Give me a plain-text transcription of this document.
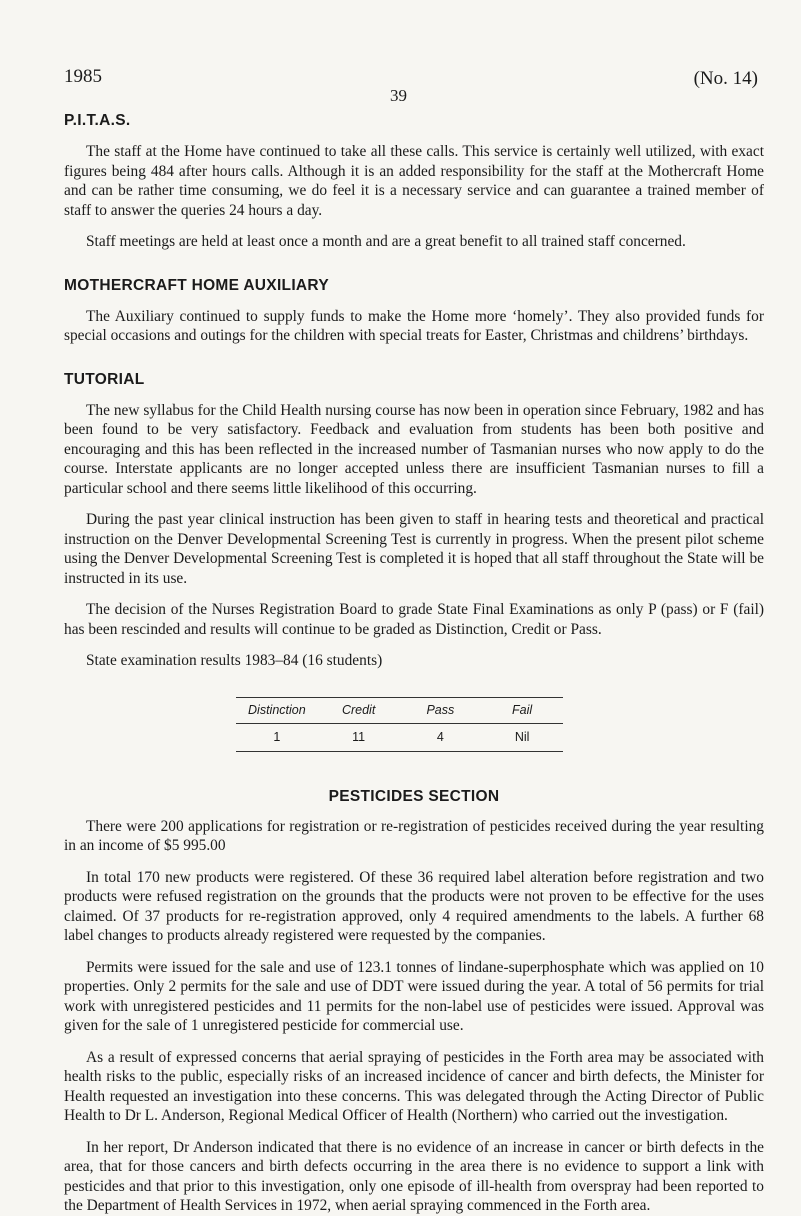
1985	(No. 14)
39
P.I.T.A.S.

The staff at the Home have continued to take all these calls. This service is certainly well utilized, with exact figures being 484 after hours calls. Although it is an added responsibility for the staff at the Mothercraft Home and can be rather time consuming, we do feel it is a necessary service and can guarantee a trained member of staff to answer the queries 24 hours a day.

Staff meetings are held at least once a month and are a great benefit to all trained staff concerned.

MOTHERCRAFT HOME AUXILIARY

The Auxiliary continued to supply funds to make the Home more ‘homely’. They also provided funds for special occasions and outings for the children with special treats for Easter, Christmas and childrens’ birthdays.

TUTORIAL

The new syllabus for the Child Health nursing course has now been in operation since February, 1982 and has been found to be very satisfactory. Feedback and evaluation from students has been both positive and encouraging and this has been reflected in the increased number of Tasmanian nurses who now apply to do the course. Interstate applicants are no longer accepted unless there are insufficient Tasmanian nurses to fill a particular school and there seems little likelihood of this occurring.

During the past year clinical instruction has been given to staff in hearing tests and theoretical and practical instruction on the Denver Developmental Screening Test is currently in progress. When the present pilot scheme using the Denver Developmental Screening Test is completed it is hoped that all staff throughout the State will be instructed in its use.

The decision of the Nurses Registration Board to grade State Final Examinations as only P (pass) or F (fail) has been rescinded and results will continue to be graded as Distinction, Credit or Pass.

State examination results 1983–84 (16 students)

Distinction	Credit	Pass	Fail
1	11	4	Nil
PESTICIDES SECTION

There were 200 applications for registration or re-registration of pesticides received during the year resulting in an income of $5 995.00

In total 170 new products were registered. Of these 36 required label alteration before registration and two products were refused registration on the grounds that the products were not proven to be effective for the uses claimed. Of 37 products for re-registration approved, only 4 required amendments to the labels. A further 68 label changes to products already registered were requested by the companies.

Permits were issued for the sale and use of 123.1 tonnes of lindane-superphosphate which was applied on 10 properties. Only 2 permits for the sale and use of DDT were issued during the year. A total of 56 permits for trial work with unregistered pesticides and 11 permits for the non-label use of pesticides were issued. Approval was given for the sale of 1 unregistered pesticide for commercial use.

As a result of expressed concerns that aerial spraying of pesticides in the Forth area may be associated with health risks to the public, especially risks of an increased incidence of cancer and birth defects, the Minister for Health requested an investigation into these concerns. This was delegated through the Acting Director of Public Health to Dr L. Anderson, Regional Medical Officer of Health (Northern) who carried out the investigation.

In her report, Dr Anderson indicated that there is no evidence of an increase in cancer or birth defects in the area, that for those cancers and birth defects occurring in the area there is no evidence to support a link with pesticides and that prior to this investigation, only one episode of ill-health from overspray had been reported to the Department of Health Services in 1972, when aerial spraying commenced in the Forth area.
